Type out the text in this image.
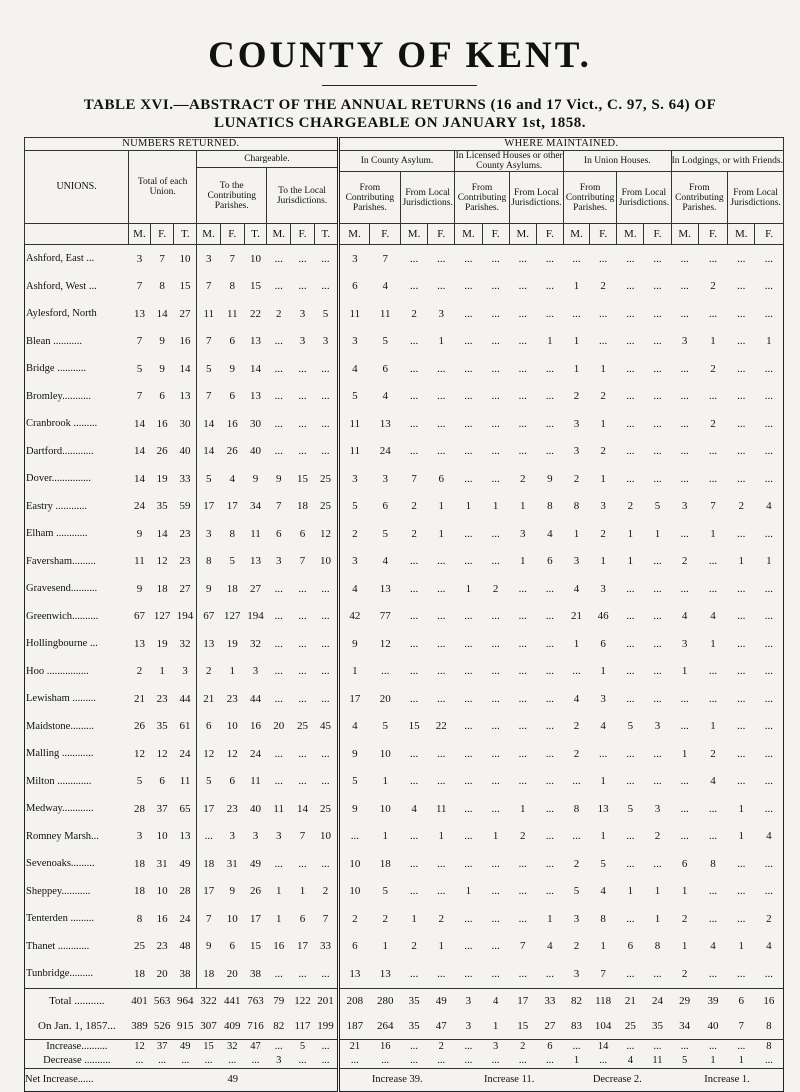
COUNTY OF KENT.
TABLE XVI.—ABSTRACT OF THE ANNUAL RETURNS (16 and 17 Vict., C. 97, S. 64) OF
LUNATICS CHARGEABLE ON JANUARY 1st, 1858.
NUMBERS RETURNED.										WHERE MAINTAINED.															
UNIONS.	Total of each Union.			Chargeable.						In County Asylum.				In Licensed Houses or other County Asylums.				In Union Houses.				In Lodgings, or with Friends.			
				To the Contributing Parishes.			To the Local Jurisdictions.																		
										From Contributing Parishes.		From Local Jurisdictions.		From Contributing Parishes.		From Local Jurisdictions.		From Contributing Parishes.		From Local Jurisdictions.		From Contributing Parishes.		From Local Jurisdictions.	
	M.	F.	T.	M.	F.	T.	M.	F.	T.	M.	F.	M.	F.	M.	F.	M.	F.	M.	F.	M.	F.	M.	F.	M.	F.
Ashford, East ...	3	7	10	3	7	10	...	...	...	3	7	...	...	...	...	...	...	...	...	...	...	...	...	...	...
Ashford, West ...	7	8	15	7	8	15	...	...	...	6	4	...	...	...	...	...	...	1	2	...	...	...	2	...	...
Aylesford, North	13	14	27	11	11	22	2	3	5	11	11	2	3	...	...	...	...	...	...	...	...	...	...	...	...
Blean ...........	7	9	16	7	6	13	...	3	3	3	5	...	1	...	...	...	1	1	...	...	...	3	1	...	1
Bridge ...........	5	9	14	5	9	14	...	...	...	4	6	...	...	...	...	...	...	1	1	...	...	...	2	...	...
Bromley...........	7	6	13	7	6	13	...	...	...	5	4	...	...	...	...	...	...	2	2	...	...	...	...	...	...
Cranbrook .........	14	16	30	14	16	30	...	...	...	11	13	...	...	...	...	...	...	3	1	...	...	...	2	...	...
Dartford............	14	26	40	14	26	40	...	...	...	11	24	...	...	...	...	...	...	3	2	...	...	...	...	...	...
Dover...............	14	19	33	5	4	9	9	15	25	3	3	7	6	...	...	2	9	2	1	...	...	...	...	...	...
Eastry ............	24	35	59	17	17	34	7	18	25	5	6	2	1	1	1	1	8	8	3	2	5	3	7	2	4
Elham ............	9	14	23	3	8	11	6	6	12	2	5	2	1	...	...	3	4	1	2	1	1	...	1	...	...
Faversham.........	11	12	23	8	5	13	3	7	10	3	4	...	...	...	...	1	6	3	1	1	...	2	...	1	1
Gravesend..........	9	18	27	9	18	27	...	...	...	4	13	...	...	1	2	...	...	4	3	...	...	...	...	...	...
Greenwich..........	67	127	194	67	127	194	...	...	...	42	77	...	...	...	...	...	...	21	46	...	...	4	4	...	...
Hollingbourne ...	13	19	32	13	19	32	...	...	...	9	12	...	...	...	...	...	...	1	6	...	...	3	1	...	...
Hoo ................	2	1	3	2	1	3	...	...	...	1	...	...	...	...	...	...	...	...	1	...	...	1	...	...	...
Lewisham .........	21	23	44	21	23	44	...	...	...	17	20	...	...	...	...	...	...	4	3	...	...	...	...	...	...
Maidstone.........	26	35	61	6	10	16	20	25	45	4	5	15	22	...	...	...	...	2	4	5	3	...	1	...	...
Malling ............	12	12	24	12	12	24	...	...	...	9	10	...	...	...	...	...	...	2	...	...	...	1	2	...	...
Milton .............	5	6	11	5	6	11	...	...	...	5	1	...	...	...	...	...	...	...	1	...	...	...	4	...	...
Medway............	28	37	65	17	23	40	11	14	25	9	10	4	11	...	...	1	...	8	13	5	3	...	...	1	...
Romney Marsh...	3	10	13	...	3	3	3	7	10	...	1	...	1	...	1	2	...	...	1	...	2	...	...	1	4
Sevenoaks.........	18	31	49	18	31	49	...	...	...	10	18	...	...	...	...	...	...	2	5	...	...	6	8	...	...
Sheppey...........	18	10	28	17	9	26	1	1	2	10	5	...	...	1	...	...	...	5	4	1	1	1	...	...	...
Tenterden .........	8	16	24	7	10	17	1	6	7	2	2	1	2	...	...	...	1	3	8	...	1	2	...	...	2
Thanet ............	25	23	48	9	6	15	16	17	33	6	1	2	1	...	...	7	4	2	1	6	8	1	4	1	4
Tunbridge.........	18	20	38	18	20	38	...	...	...	13	13	...	...	...	...	...	...	3	7	...	...	2	...	...	...
Total ...........	401	563	964	322	441	763	79	122	201	208	280	35	49	3	4	17	33	82	118	21	24	29	39	6	16
On Jan. 1, 1857...	389	526	915	307	409	716	82	117	199	187	264	35	47	3	1	15	27	83	104	25	35	34	40	7	8
Increase..........	12	37	49	15	32	47	...	5	...	21	16	...	2	...	3	2	6	...	14	...	...	...	...	...	8
Decrease ..........	...	...	...	...	...	...	3	...	...	...	...	...	...	...	...	...	...	1	...	4	11	5	1	1	...
Net Increase......	49									Increase 39.				Increase 11.				Decrease 2.				Increase 1.			
